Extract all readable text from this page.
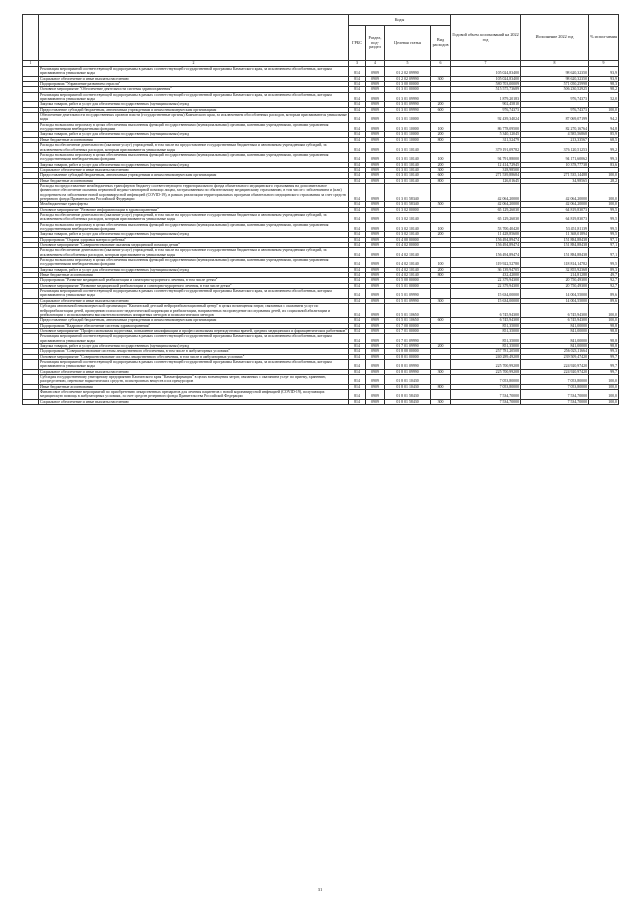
		Коды				Годовой объем ассигнований на 2022 год	Исполнение 2022 год	% испол-нения
		ГРБС	Раздел, под-раздел	Целевая статья	Вид расходов			
1	2	3	4	5	6	7	8	9
	Реализация мероприятий соответствующей подпрограммы в рамках соответствующей государственной программы Камчатского края, за исключением обособленных, которым присваиваются уникальные коды	814	0909	01 2 02 09990		105 024,83400	98 620,32350	93,9
	Социальное обеспечение и иные выплаты населению	814	0909	01 2 02 09990	300	105 024,83400	98 620,32350	93,9
	Подпрограмма "Управление развитием отрасли"	814	0909	01 3 00 00000		580 703,00009	571 050,25998	98,3
	Основное мероприятие "Обеспечение деятельности системы здравоохранения"	814	0909	01 3 01 00000		515 575,73689	506 230,52925	98,2
	Реализация мероприятий соответствующей подпрограммы в рамках соответствующей государственной программы Камчатского края, за исключением обособленных, которым присваиваются уникальные коды	814	0909	01 3 01 09990		1 879,20183	976,74373	52,0
	Закупка товаров, работ и услуг для обеспечения государственных (муниципальных) нужд	814	0909	01 3 01 09990	200	902,45810		
	Предоставление субсидий бюджетным, автономным учреждениям и иным некоммерческим организациям	814	0909	01 3 01 09990	600	976,74373	976,74373	100,0
	Обеспечение деятельности государственных органов власти (государственные органы) Камчатского края, за исключением обособленных расходов, которым присваиваются уникальные коды	814	0909	01 3 01 10000		92 439,34024	87 069,07199	94,2
	Расходы на выплаты персоналу в целях обеспечения выполнения функций государственными (муниципальными) органами, казенными учреждениями, органами управления государственными внебюджетными фондами	814	0909	01 3 01 10000	100	86 778,09500	82 270,16764	94,8
	Закупка товаров, работ и услуг для обеспечения государственных (муниципальных) нужд	814	0909	01 3 01 10000	200	5 340,12045	4 585,56868	85,9
	Иные бюджетные ассигнования	814	0909	01 3 01 10000	800	311,52479	213,33567	68,5
	Расходы на обеспечение деятельности (оказание услуг) учреждений, в том числе на предоставление государственным бюджетным и автономным учреждениям субсидий, за исключением обособленных расходов, которым присваиваются уникальные коды	814	0909	01 3 01 10140		379 191,09782	376 120,51253	99,2
	Расходы на выплаты персоналу в целях обеспечения выполнения функций государственными (муниципальными) органами, казенными учреждениями, органами управления государственными внебюджетными фондами	814	0909	01 3 01 10140	100	94 791,88000	94 171,60062	99,3
	Закупка товаров, работ и услуг для обеспечения государственных (муниципальных) нужд	814	0909	01 3 01 10140	200	12 414,72945	10 378,77738	83,6
	Социальное обеспечение и иные выплаты населению	814	0909	01 3 01 10140	300	318,98500		
	Предоставление субсидий бюджетным, автономным учреждениям и иным некоммерческим организациям	814	0909	01 3 01 10140	600	271 539,88684	271 535,14488	100,0
	Иные бюджетные ассигнования	814	0909	01 3 01 10140	800	126,01645	34,98565	28,2
	Расходы на предоставление межбюджетных трансфертов бюджету соответствующего территориального фонда обязательного медицинского страхования на дополнительное финансовое обеспечение оказания первичной медико-санитарной помощи лицам, застрахованным по обязательному медицинскому страхованию, в том числе с заболеванием и (или) подозрением на заболевание новой коронавирусной инфекцией (COVID-19), в рамках реализации территориальных программ обязательного медицинского страхования за счет средств резервного фонда Правительства Российской Федерации	814	0909	01 3 01 58340		42 064,20000	42 064,20000	100,0
	Межбюджетные трансферты	814	0909	01 3 01 58340	500	42 064,20000	42 064,20000	100,0
	Основное мероприятие "Развитие информатизации в здравоохранении"	814	0909	01 3 02 00000		65 129,26030	64 819,83073	99,5
	Расходы на обеспечение деятельности (оказание услуг) учреждений, в том числе на предоставление государственным бюджетным и автономным учреждениям субсидий, за исключением обособленных расходов, которым присваиваются уникальные коды	814	0909	01 3 02 10140		65 129,26030	64 819,83073	99,5
	Расходы на выплаты персоналу в целях обеспечения выполнения функций государственными (муниципальными) органами, казенными учреждениями, органами управления государственными внебюджетными фондами	814	0909	01 3 02 10140	100	53 700,40420	53 451,81139	99,5
	Закупка товаров, работ и услуг для обеспечения государственных (муниципальных) нужд	814	0909	01 3 02 10140	200	11 428,85600	11 368,01894	99,5
	Подпрограмма "Охрана здоровья матери и ребенка"	814	0909	01 4 00 00000		156 494,89474	151 884,88438	97,1
	Основное мероприятие "Совершенствование оказания медицинской помощи детям"	814	0909	01 4 02 00000		156 494,89474	151 884,88438	97,1
	Расходы на обеспечение деятельности (оказание услуг) учреждений, в том числе на предоставление государственным бюджетным и автономным учреждениям субсидий, за исключением обособленных расходов, которым присваиваются уникальные коды	814	0909	01 4 02 10140		156 494,89474	151 884,88438	97,1
	Расходы на выплаты персоналу в целях обеспечения выполнения функций государственными (муниципальными) органами, казенными учреждениями, органами управления государственными внебюджетными фондами	814	0909	01 4 02 10140	100	119 922,52780	118 814,14782	99,5
	Закупка товаров, работ и услуг для обеспечения государственных (муниципальных) нужд	814	0909	01 4 02 10140	200	36 139,94705	32 855,92368	89,3
	Иные бюджетные ассигнования	814	0909	01 4 02 10140	800	432,42000	214,81288	49,7
	Подпрограмма "Развитие медицинской реабилитации и санаторно-курортного лечения, в том числе детям"	814	0909	01 5 00 00000		22 379,94300	20 750,49300	92,7
	Основное мероприятие "Развитие медицинской реабилитации и санаторно-курортного лечения, в том числе детям"	814	0909	01 5 01 00000		22 379,94300	20 750,49300	92,7
	Реализация мероприятий соответствующей подпрограммы в рамках соответствующей государственной программы Камчатского края, за исключением обособленных, которым присваиваются уникальные коды	814	0909	01 5 01 09990		15 634,00000	14 004,55000	89,6
	Социальное обеспечение и иные выплаты населению	814	0909	01 5 01 09990	300	15 634,00000	14 004,55000	89,6
	Субсидия автономной некоммерческой организации "Камчатский детский нейрореабилитационный центр" в целях возмещения затрат, связанных с оказанием услуг по нейрореабилитации детей, проведению психолого-педагогической коррекции и реабилитации, направленных на проведение исследования детей, их социальной абилитации и реабилитации с использованием высокотехнологичных аппаратных методов и психологических методов	814	0909	01 5 01 10650		6 745,94300	6 745,94300	100,0
	Предоставление субсидий бюджетным, автономным учреждениям и иным некоммерческим организациям	814	0909	01 5 01 10650	600	6 745,94300	6 745,94300	100,0
	Подпрограмма "Кадровое обеспечение системы здравоохранения"	814	0909	01 7 00 00000		851,35000	841,00000	98,8
	Основное мероприятие "Профессиональная подготовка, повышение квалификации и профессиональная переподготовка врачей, средних медицинских и фармацевтических работников"	814	0909	01 7 01 00000		851,35000	841,00000	98,8
	Реализация мероприятий соответствующей подпрограммы в рамках соответствующей государственной программы Камчатского края, за исключением обособленных, которым присваиваются уникальные коды	814	0909	01 7 01 09990		851,35000	841,00000	98,8
	Закупка товаров, работ и услуг для обеспечения государственных (муниципальных) нужд	814	0909	01 7 01 09990	200	851,35000	841,00000	98,8
	Подпрограмма "Совершенствование системы лекарственного обеспечения, в том числе в амбулаторных условиях"	814	0909	01 8 00 00000		257 781,20508	256 023,11664	99,3
	Основное мероприятие "Совершенствование системы лекарственного обеспечения, в том числе в амбулаторных условиях"	814	0909	01 8 01 00000		240 289,49208	239 509,47420	99,7
	Реализация мероприятий соответствующей подпрограммы в рамках соответствующей государственной программы Камчатского края, за исключением обособленных, которым присваиваются уникальные коды	814	0909	01 8 01 09990		225 700,99208	224 920,97420	99,7
	Социальное обеспечение и иные выплаты населению	814	0909	01 8 01 09990	300	225 700,99208	224 920,97420	99,7
	Субсидия государственному унитарному предприятию Камчатского края "Камчатфармация" в целях возмещения затрат, связанных с оказанием услуг по приему, хранению, распределению, перевозке наркотических средств, психотропных веществ и их прекурсоров	814	0909	01 8 01 10430		7 053,80000	7 053,80000	100,0
	Иные бюджетные ассигнования	814	0909	01 8 01 10430	800	7 053,80000	7 053,80000	100,0
	Финансовое обеспечение мероприятий по приобретению лекарственных препаратов для лечения пациентов с новой коронавирусной инфекцией (COVID-19), получающих медицинскую помощь в амбулаторных условиях, за счет средств резервного фонда Правительства Российской Федерации	814	0909	01 8 01 58430		7 534,70000	7 534,70000	100,0
	Социальное обеспечение и иные выплаты населению	814	0909	01 8 01 58430	300	7 534,70000	7 534,70000	100,0
31
